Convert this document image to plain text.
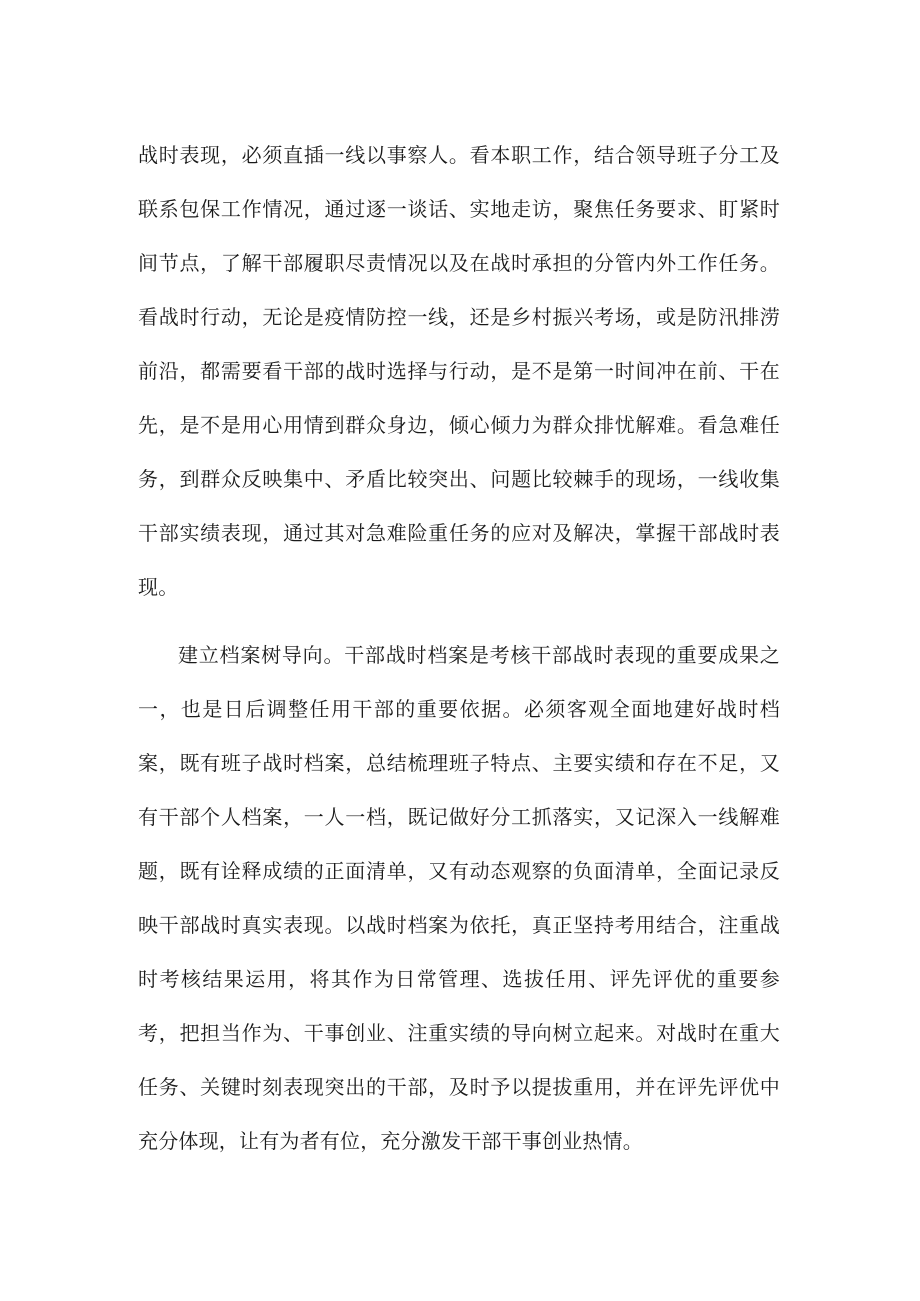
战时表现，必须直插一线以事察人。看本职工作，结合领导班子分工及联系包保工作情况，通过逐一谈话、实地走访，聚焦任务要求、盯紧时间节点，了解干部履职尽责情况以及在战时承担的分管内外工作任务。看战时行动，无论是疫情防控一线，还是乡村振兴考场，或是防汛排涝前沿，都需要看干部的战时选择与行动，是不是第一时间冲在前、干在先，是不是用心用情到群众身边，倾心倾力为群众排忧解难。看急难任务，到群众反映集中、矛盾比较突出、问题比较棘手的现场，一线收集干部实绩表现，通过其对急难险重任务的应对及解决，掌握干部战时表现。

建立档案树导向。干部战时档案是考核干部战时表现的重要成果之一，也是日后调整任用干部的重要依据。必须客观全面地建好战时档案，既有班子战时档案，总结梳理班子特点、主要实绩和存在不足，又有干部个人档案，一人一档，既记做好分工抓落实，又记深入一线解难题，既有诠释成绩的正面清单，又有动态观察的负面清单，全面记录反映干部战时真实表现。以战时档案为依托，真正坚持考用结合，注重战时考核结果运用，将其作为日常管理、选拔任用、评先评优的重要参考，把担当作为、干事创业、注重实绩的导向树立起来。对战时在重大任务、关键时刻表现突出的干部，及时予以提拔重用，并在评先评优中充分体现，让有为者有位，充分激发干部干事创业热情。
